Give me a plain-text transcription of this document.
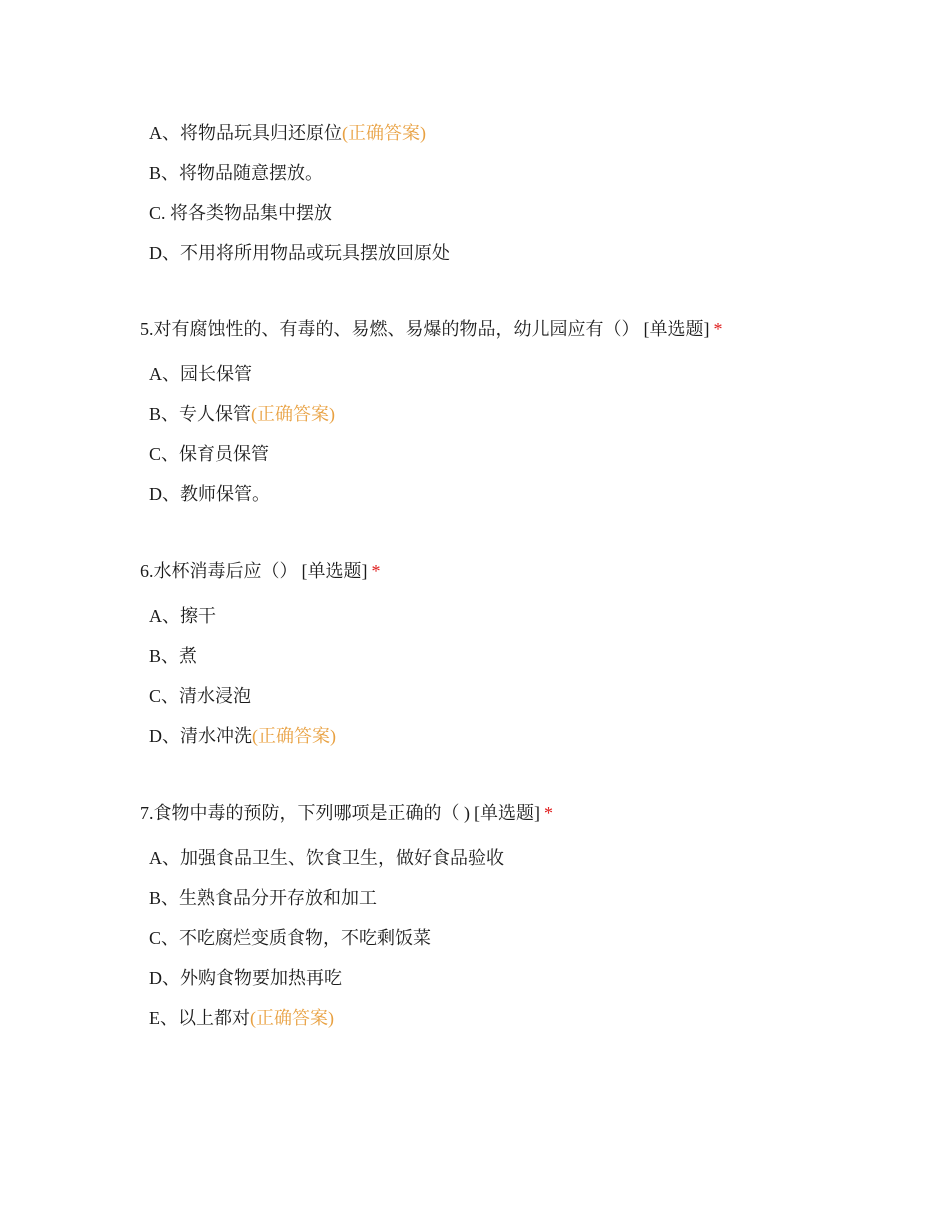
A、将物品玩具归还原位(正确答案)
B、将物品随意摆放。
C. 将各类物品集中摆放
D、不用将所用物品或玩具摆放回原处
5.对有腐蚀性的、有毒的、易燃、易爆的物品，幼儿园应有（） [单选题] *
A、园长保管
B、专人保管(正确答案)
C、保育员保管
D、教师保管。
6.水杯消毒后应（） [单选题] *
A、擦干
B、煮
C、清水浸泡
D、清水冲洗(正确答案)
7.食物中毒的预防，下列哪项是正确的（ ) [单选题] *
A、加强食品卫生、饮食卫生，做好食品验收
B、生熟食品分开存放和加工
C、不吃腐烂变质食物，不吃剩饭菜
D、外购食物要加热再吃
E、以上都对(正确答案)
